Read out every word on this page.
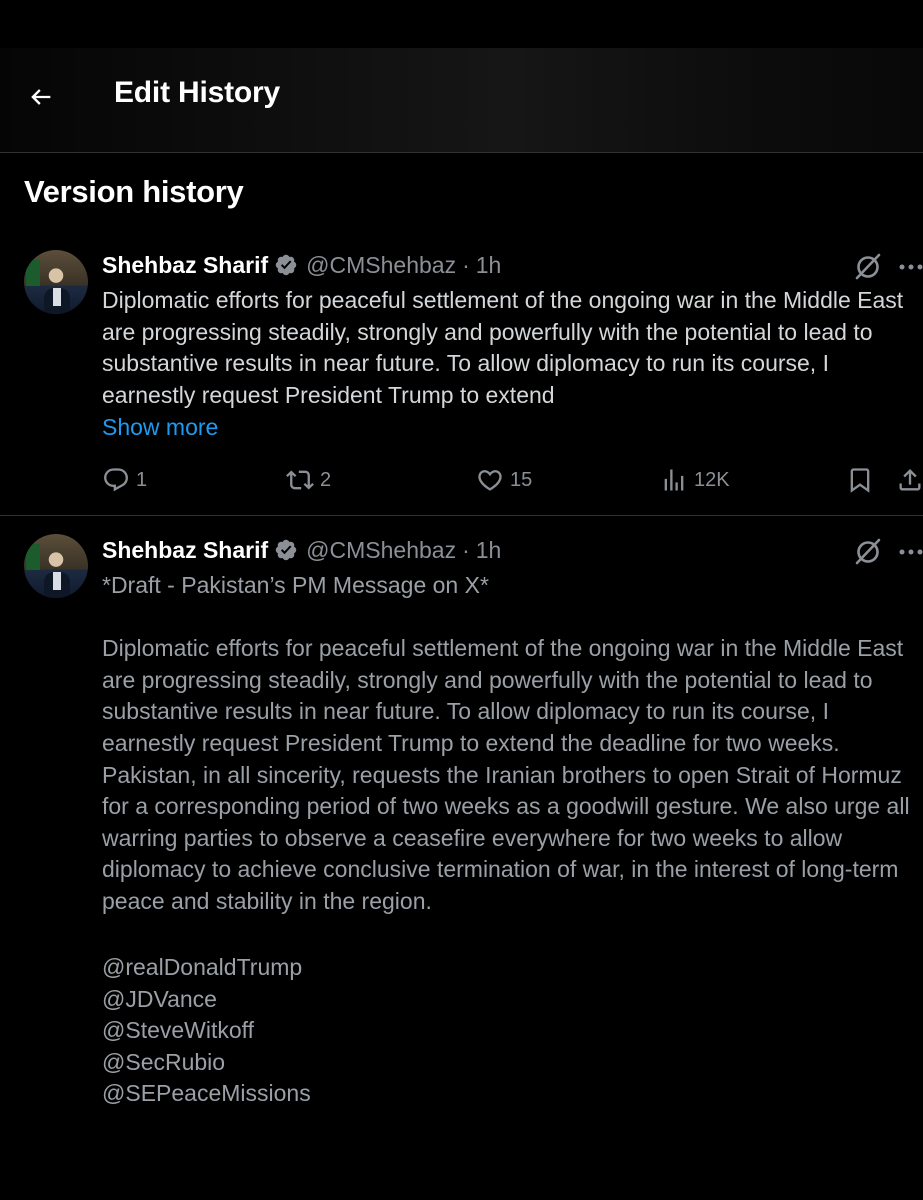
Edit History
Version history
Shehbaz Sharif @CMShehbaz · 1h
Diplomatic efforts for peaceful settlement of the ongoing war in the Middle East are progressing steadily, strongly and powerfully with the potential to lead to substantive results in near future. To allow diplomacy to run its course, I earnestly request President Trump to extend
Show more
1	2	15	12K
Shehbaz Sharif @CMShehbaz · 1h
*Draft - Pakistan’s PM Message on X*

Diplomatic efforts for peaceful settlement of the ongoing war in the Middle East are progressing steadily, strongly and powerfully with the potential to lead to substantive results in near future. To allow diplomacy to run its course, I earnestly request President Trump to extend the deadline for two weeks. Pakistan, in all sincerity, requests the Iranian brothers to open Strait of Hormuz for a corresponding period of two weeks as a goodwill gesture. We also urge all warring parties to observe a ceasefire everywhere for two weeks to allow diplomacy to achieve conclusive termination of war, in the interest of long-term peace and stability in the region.
@realDonaldTrump
@JDVance
@SteveWitkoff
@SecRubio
@SEPeaceMissions
